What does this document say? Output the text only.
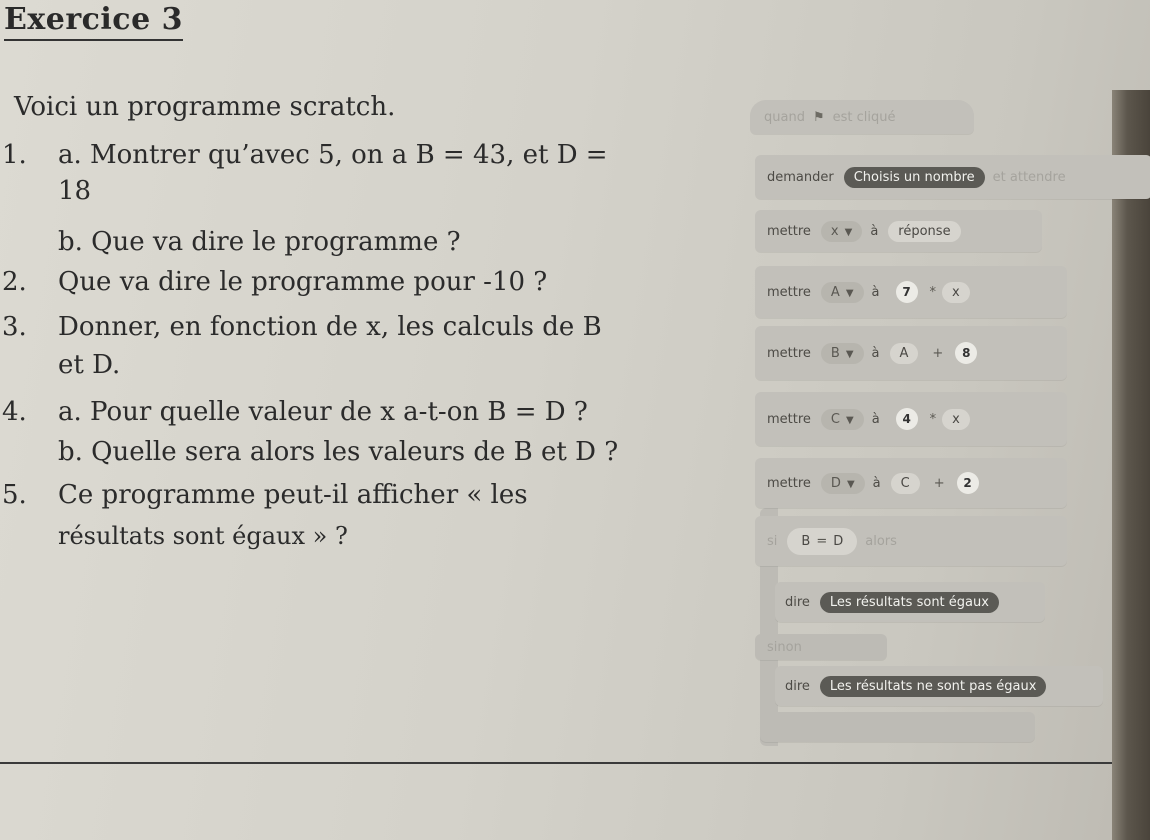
Exercice 3
Voici un programme scratch.
1. a. Montrer qu’avec 5, on a B = 43, et D =
18
b. Que va dire le programme ?
2. Que va dire le programme pour -10 ?
3. Donner, en fonction de x, les calculs de B
et D.
4. a. Pour quelle valeur de x a-t-on B = D ?
b. Quelle sera alors les valeurs de B et D ?
5. Ce programme peut-il afficher « les
résultats sont égaux » ?
quand ⚑ est cliqué
demander	Choisis un nombre	et attendre
mettre	x ▼	à	réponse
mettre	A ▼	à	7	*	x
mettre	B ▼	à	A	+	8
mettre	C ▼	à	4	*	x
mettre	D ▼	à	C	+	2
si	B = D	alors
dire	Les résultats sont égaux
sinon
dire	Les résultats ne sont pas égaux
